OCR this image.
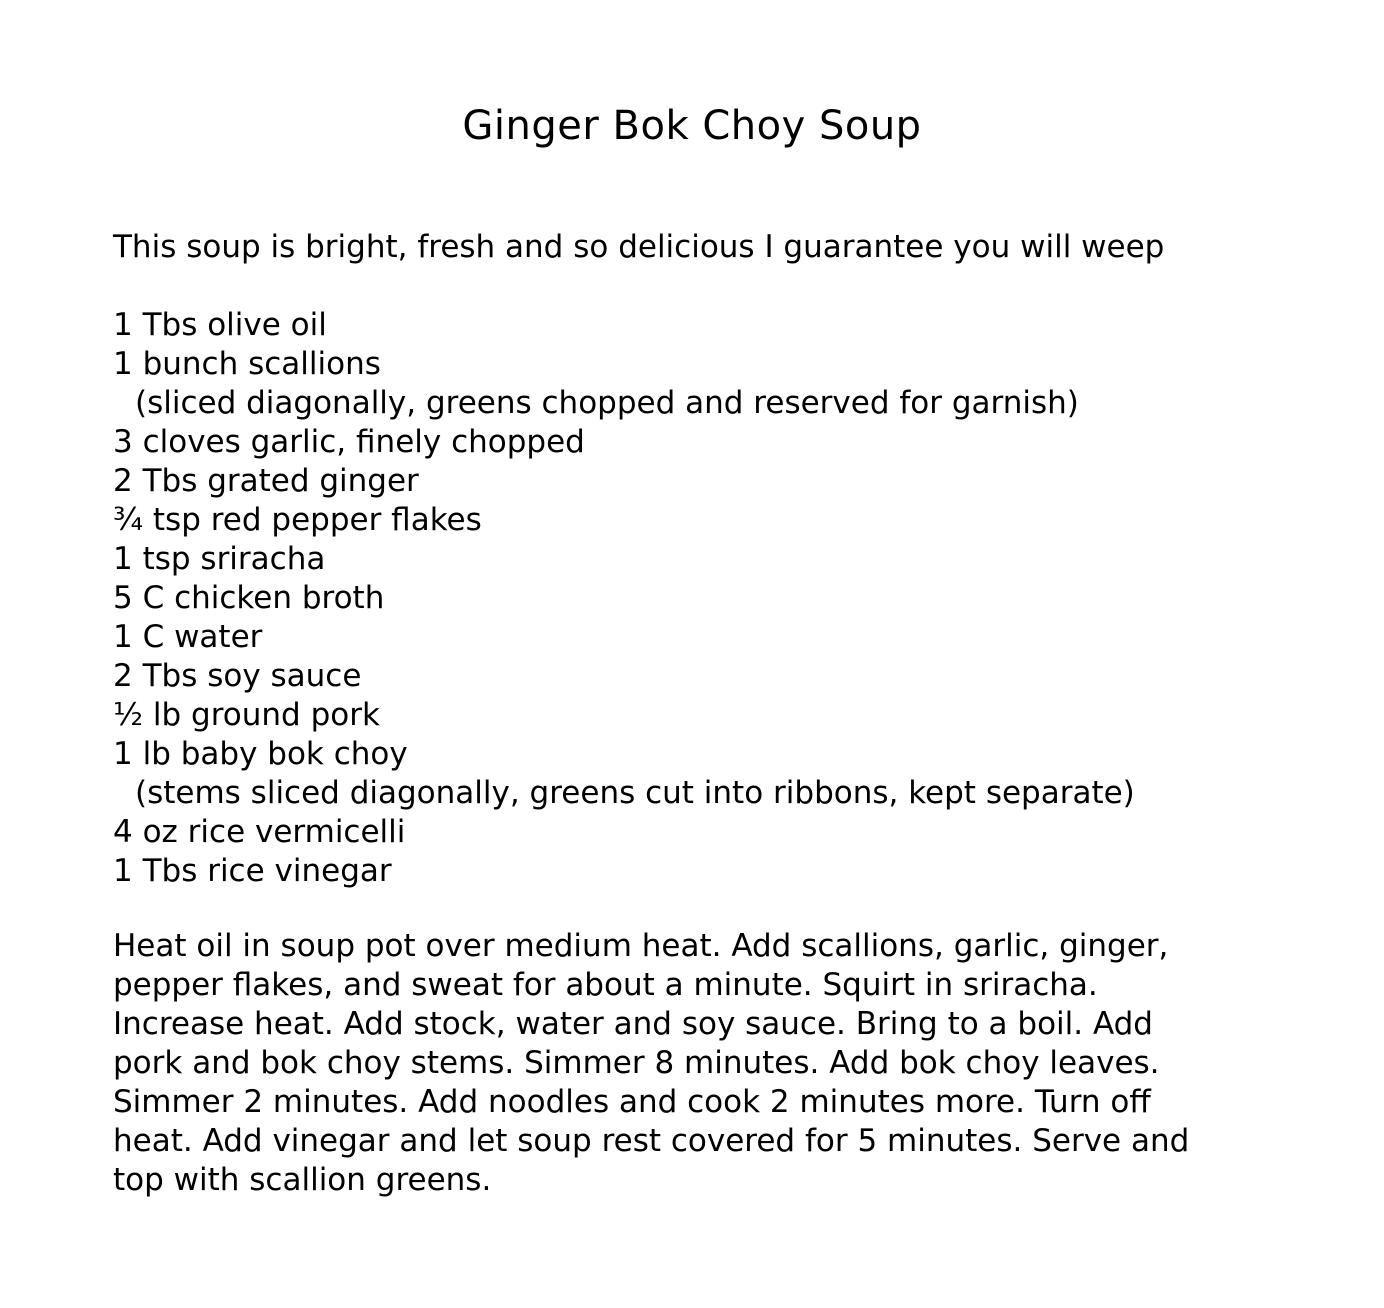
Ginger Bok Choy Soup
This soup is bright, fresh and so delicious I guarantee you will weep
1 Tbs olive oil
1 bunch scallions
(sliced diagonally, greens chopped and reserved for garnish)
3 cloves garlic, finely chopped
2 Tbs grated ginger
¾ tsp red pepper flakes
1 tsp sriracha
5 C chicken broth
1 C water
2 Tbs soy sauce
½ lb ground pork
1 lb baby bok choy
(stems sliced diagonally, greens cut into ribbons, kept separate)
4 oz rice vermicelli
1 Tbs rice vinegar
Heat oil in soup pot over medium heat. Add scallions, garlic, ginger,
pepper flakes, and sweat for about a minute. Squirt in sriracha.
Increase heat. Add stock, water and soy sauce. Bring to a boil. Add
pork and bok choy stems. Simmer 8 minutes. Add bok choy leaves.
Simmer 2 minutes. Add noodles and cook 2 minutes more. Turn off
heat. Add vinegar and let soup rest covered for 5 minutes. Serve and
top with scallion greens.
